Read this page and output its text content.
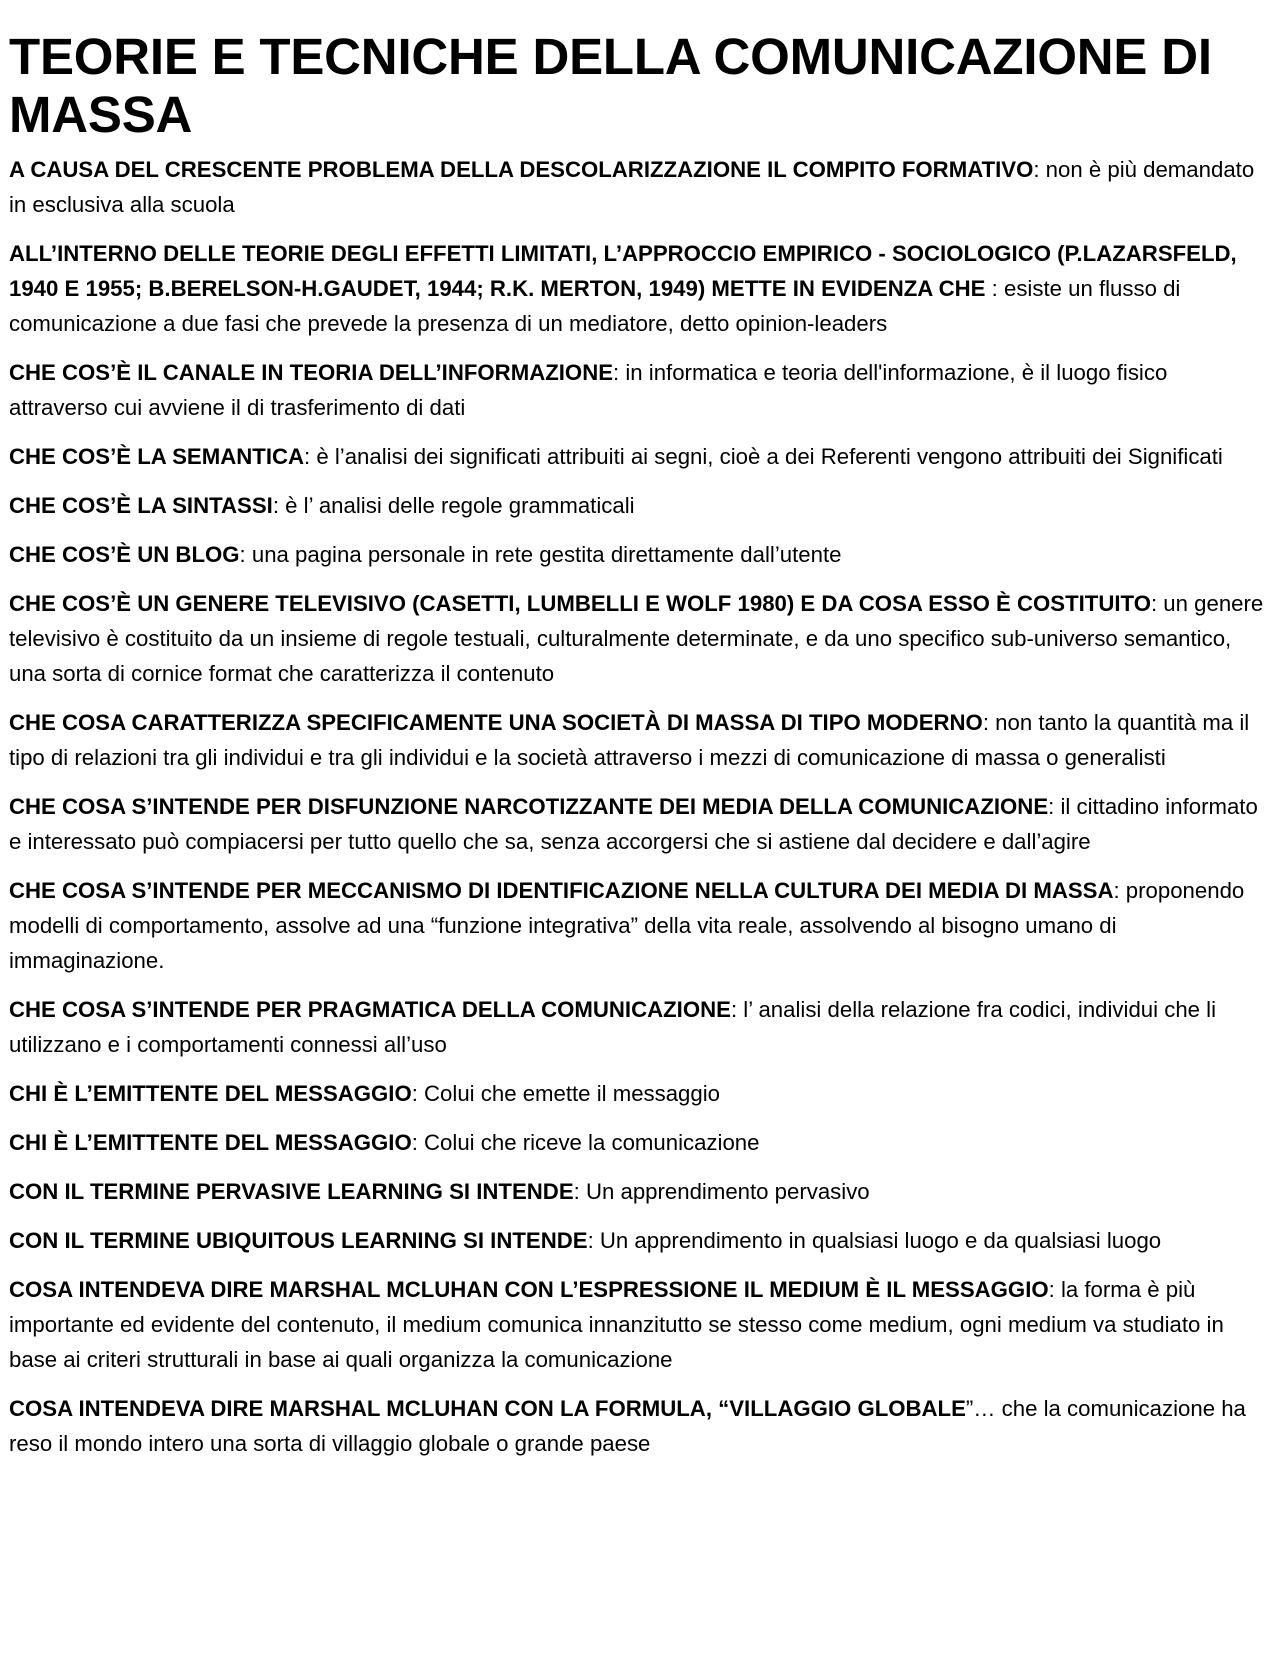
TEORIE E TECNICHE DELLA COMUNICAZIONE DI MASSA

A CAUSA DEL CRESCENTE PROBLEMA DELLA DESCOLARIZZAZIONE IL COMPITO FORMATIVO: non è più demandato in esclusiva alla scuola

ALL’INTERNO DELLE TEORIE DEGLI EFFETTI LIMITATI, L’APPROCCIO EMPIRICO - SOCIOLOGICO (P.LAZARSFELD, 1940 E 1955; B.BERELSON-H.GAUDET, 1944; R.K. MERTON, 1949) METTE IN EVIDENZA CHE : esiste un flusso di comunicazione a due fasi che prevede la presenza di un mediatore, detto opinion-leaders

CHE COS’È IL CANALE IN TEORIA DELL’INFORMAZIONE: in informatica e teoria dell'informazione, è il luogo fisico attraverso cui avviene il di trasferimento di dati

CHE COS’È LA SEMANTICA: è l’analisi dei significati attribuiti ai segni, cioè a dei Referenti vengono attribuiti dei Significati

CHE COS’È LA SINTASSI: è l’ analisi delle regole grammaticali

CHE COS’È UN BLOG: una pagina personale in rete gestita direttamente dall’utente

CHE COS’È UN GENERE TELEVISIVO (CASETTI, LUMBELLI E WOLF 1980) E DA COSA ESSO È COSTITUITO: un genere televisivo è costituito da un insieme di regole testuali, culturalmente determinate, e da uno specifico sub-universo semantico, una sorta di cornice format che caratterizza il contenuto

CHE COSA CARATTERIZZA SPECIFICAMENTE UNA SOCIETÀ DI MASSA DI TIPO MODERNO: non tanto la quantità ma il tipo di relazioni tra gli individui e tra gli individui e la società attraverso i mezzi di comunicazione di massa o generalisti

CHE COSA S’INTENDE PER DISFUNZIONE NARCOTIZZANTE DEI MEDIA DELLA COMUNICAZIONE: il cittadino informato e interessato può compiacersi per tutto quello che sa, senza accorgersi che si astiene dal decidere e dall’agire

CHE COSA S’INTENDE PER MECCANISMO DI IDENTIFICAZIONE NELLA CULTURA DEI MEDIA DI MASSA: proponendo modelli di comportamento, assolve ad una “funzione integrativa” della vita reale, assolvendo al bisogno umano di immaginazione.

CHE COSA S’INTENDE PER PRAGMATICA DELLA COMUNICAZIONE: l’ analisi della relazione fra codici, individui che li utilizzano e i comportamenti connessi all’uso

CHI È L’EMITTENTE DEL MESSAGGIO: Colui che emette il messaggio

CHI È L’EMITTENTE DEL MESSAGGIO: Colui che riceve la comunicazione

CON IL TERMINE PERVASIVE LEARNING SI INTENDE: Un apprendimento pervasivo

CON IL TERMINE UBIQUITOUS LEARNING SI INTENDE: Un apprendimento in qualsiasi luogo e da qualsiasi luogo

COSA INTENDEVA DIRE MARSHAL MCLUHAN CON L’ESPRESSIONE IL MEDIUM È IL MESSAGGIO: la forma è più importante ed evidente del contenuto, il medium comunica innanzitutto se stesso come medium, ogni medium va studiato in base ai criteri strutturali in base ai quali organizza la comunicazione

COSA INTENDEVA DIRE MARSHAL MCLUHAN CON LA FORMULA, “VILLAGGIO GLOBALE”… che la comunicazione ha reso il mondo intero una sorta di villaggio globale o grande paese
